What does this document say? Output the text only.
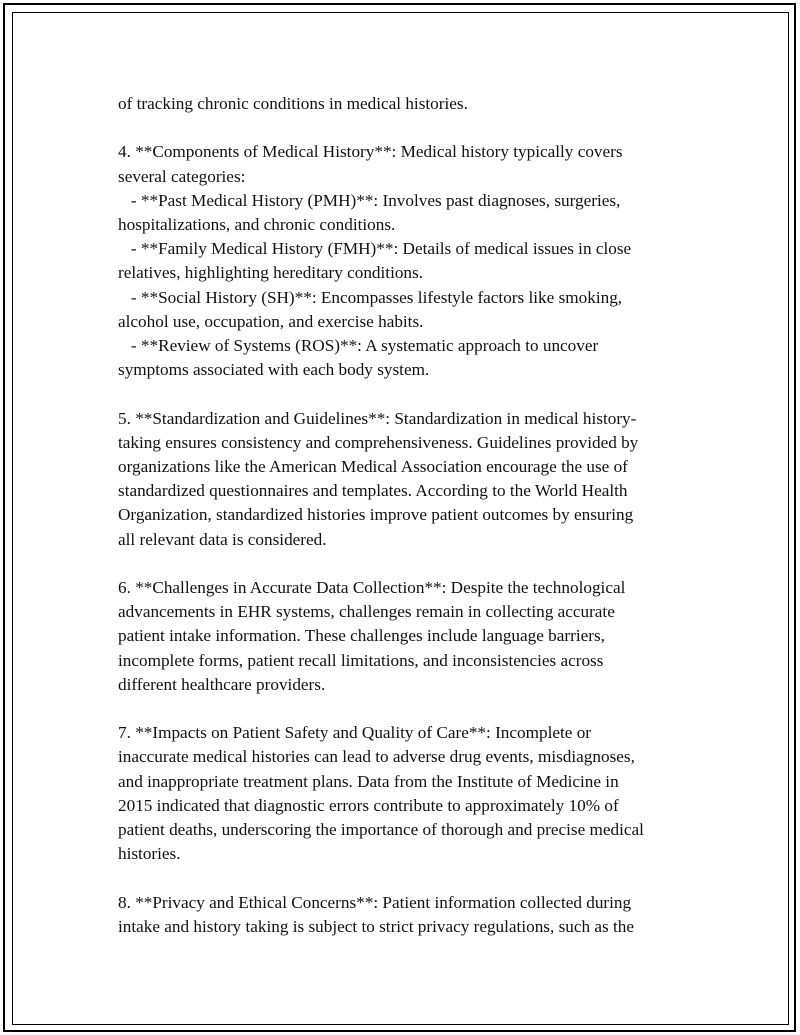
of tracking chronic conditions in medical histories.

4. **Components of Medical History**: Medical history typically covers
several categories:
- **Past Medical History (PMH)**: Involves past diagnoses, surgeries,
hospitalizations, and chronic conditions.
- **Family Medical History (FMH)**: Details of medical issues in close
relatives, highlighting hereditary conditions.
- **Social History (SH)**: Encompasses lifestyle factors like smoking,
alcohol use, occupation, and exercise habits.
- **Review of Systems (ROS)**: A systematic approach to uncover
symptoms associated with each body system.

5. **Standardization and Guidelines**: Standardization in medical history-
taking ensures consistency and comprehensiveness. Guidelines provided by
organizations like the American Medical Association encourage the use of
standardized questionnaires and templates. According to the World Health
Organization, standardized histories improve patient outcomes by ensuring
all relevant data is considered.

6. **Challenges in Accurate Data Collection**: Despite the technological
advancements in EHR systems, challenges remain in collecting accurate
patient intake information. These challenges include language barriers,
incomplete forms, patient recall limitations, and inconsistencies across
different healthcare providers.

7. **Impacts on Patient Safety and Quality of Care**: Incomplete or
inaccurate medical histories can lead to adverse drug events, misdiagnoses,
and inappropriate treatment plans. Data from the Institute of Medicine in
2015 indicated that diagnostic errors contribute to approximately 10% of
patient deaths, underscoring the importance of thorough and precise medical
histories.

8. **Privacy and Ethical Concerns**: Patient information collected during
intake and history taking is subject to strict privacy regulations, such as the
